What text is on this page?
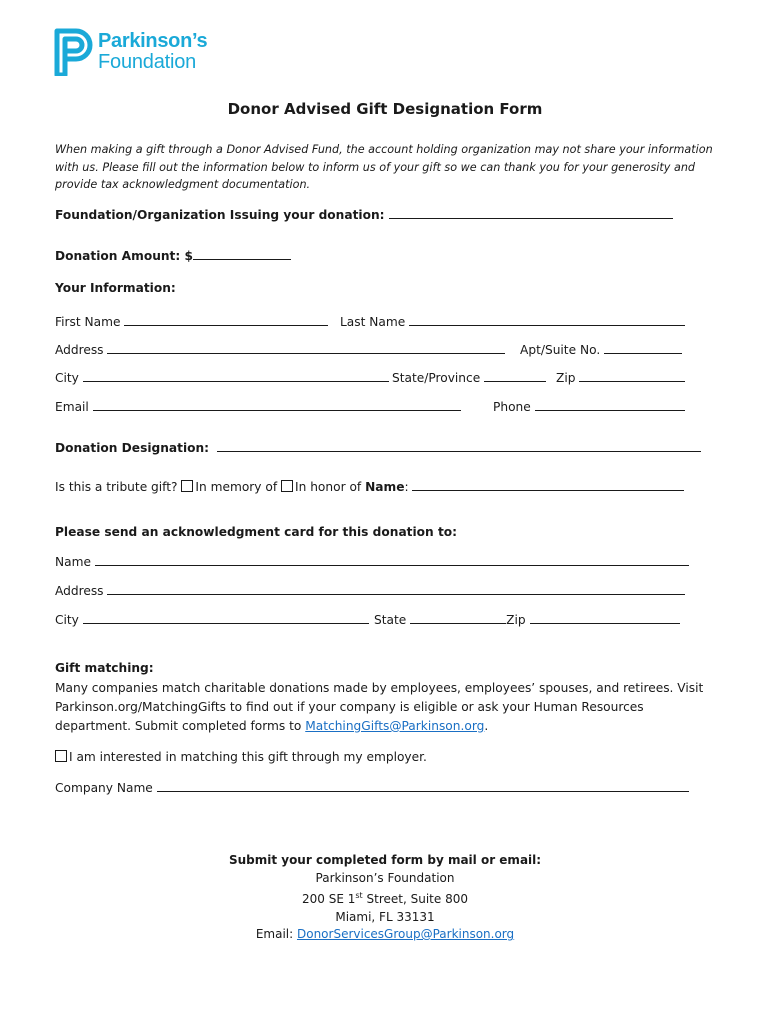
Parkinson’s
Foundation
Donor Advised Gift Designation Form
When making a gift through a Donor Advised Fund, the account holding organization may not share your information with us. Please fill out the information below to inform us of your gift so we can thank you for your generosity and provide tax acknowledgment documentation.
Foundation/Organization Issuing your donation:
Donation Amount: $
Your Information:
First Name	Last Name
Address	Apt/Suite No.
City	State/Province	Zip
Email	Phone
Donation Designation:
Is this a tribute gift? In memory of In honor of Name:
Please send an acknowledgment card for this donation to:
Name
Address
City	State	Zip
Gift matching:
Many companies match charitable donations made by employees, employees’ spouses, and retirees. Visit Parkinson.org/MatchingGifts to find out if your company is eligible or ask your Human Resources department. Submit completed forms to MatchingGifts@Parkinson.org.
I am interested in matching this gift through my employer.
Company Name
Submit your completed form by mail or email:
Parkinson’s Foundation
200 SE 1st Street, Suite 800
Miami, FL 33131
Email: DonorServicesGroup@Parkinson.org
